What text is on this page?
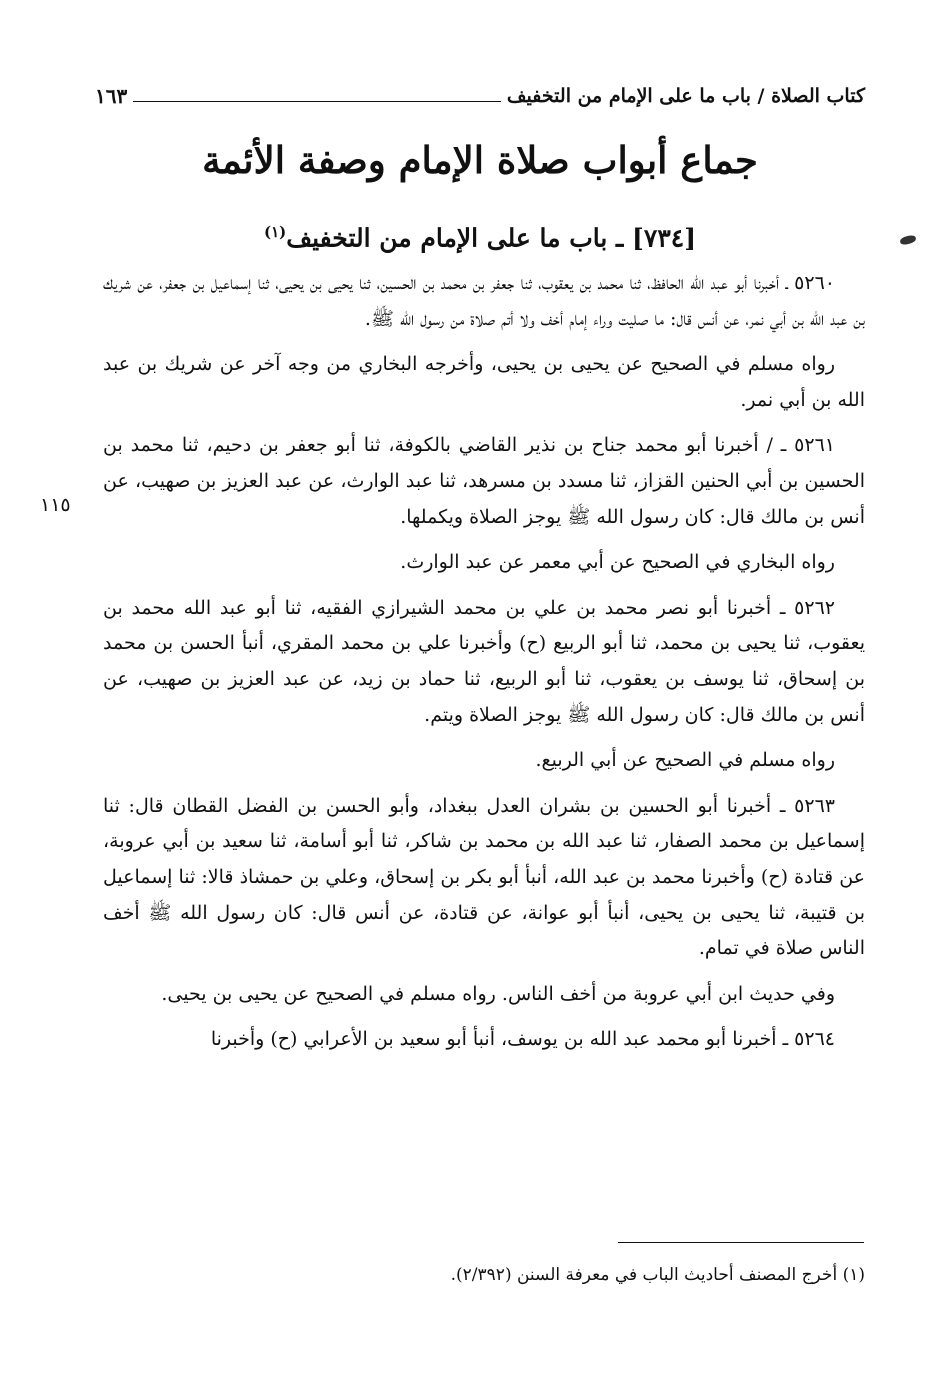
كتاب الصلاة / باب ما على الإمام من التخفيف
١٦٣
جماع أبواب صلاة الإمام وصفة الأئمة
[٧٣٤] ـ باب ما على الإمام من التخفيف$^{(١)}$
١١٥

٥٢٦٠ ـ أخبرنا أبو عبد الله الحافظ، ثنا محمد بن يعقوب، ثنا جعفر بن محمد بن الحسين، ثنا يحيى بن يحيى، ثنا إسماعيل بن جعفر، عن شريك بن عبد الله بن أبي نمر، عن أنس قال: ما صليت وراء إمام أخف ولا أتم صلاة من رسول الله ﷺ.

رواه مسلم في الصحيح عن يحيى بن يحيى، وأخرجه البخاري من وجه آخر عن شريك بن عبد الله بن أبي نمر.

٥٢٦١ ـ / أخبرنا أبو محمد جناح بن نذير القاضي بالكوفة، ثنا أبو جعفر بن دحيم، ثنا محمد بن الحسين بن أبي الحنين القزاز، ثنا مسدد بن مسرهد، ثنا عبد الوارث، عن عبد العزيز بن صهيب، عن أنس بن مالك قال: كان رسول الله ﷺ يوجز الصلاة ويكملها.

رواه البخاري في الصحيح عن أبي معمر عن عبد الوارث.

٥٢٦٢ ـ أخبرنا أبو نصر محمد بن علي بن محمد الشيرازي الفقيه، ثنا أبو عبد الله محمد بن يعقوب، ثنا يحيى بن محمد، ثنا أبو الربيع (ح) وأخبرنا علي بن محمد المقري، أنبأ الحسن بن محمد بن إسحاق، ثنا يوسف بن يعقوب، ثنا أبو الربيع، ثنا حماد بن زيد، عن عبد العزيز بن صهيب، عن أنس بن مالك قال: كان رسول الله ﷺ يوجز الصلاة ويتم.

رواه مسلم في الصحيح عن أبي الربيع.

٥٢٦٣ ـ أخبرنا أبو الحسين بن بشران العدل ببغداد، وأبو الحسن بن الفضل القطان قال: ثنا إسماعيل بن محمد الصفار، ثنا عبد الله بن محمد بن شاكر، ثنا أبو أسامة، ثنا سعيد بن أبي عروبة، عن قتادة (ح) وأخبرنا محمد بن عبد الله، أنبأ أبو بكر بن إسحاق، وعلي بن حمشاذ قالا: ثنا إسماعيل بن قتيبة، ثنا يحيى بن يحيى، أنبأ أبو عوانة، عن قتادة، عن أنس قال: كان رسول الله ﷺ أخف الناس صلاة في تمام.

وفي حديث ابن أبي عروبة من أخف الناس. رواه مسلم في الصحيح عن يحيى بن يحيى.

٥٢٦٤ ـ أخبرنا أبو محمد عبد الله بن يوسف، أنبأ أبو سعيد بن الأعرابي (ح) وأخبرنا

(١) أخرج المصنف أحاديث الباب في معرفة السنن (٢/٣٩٢).
